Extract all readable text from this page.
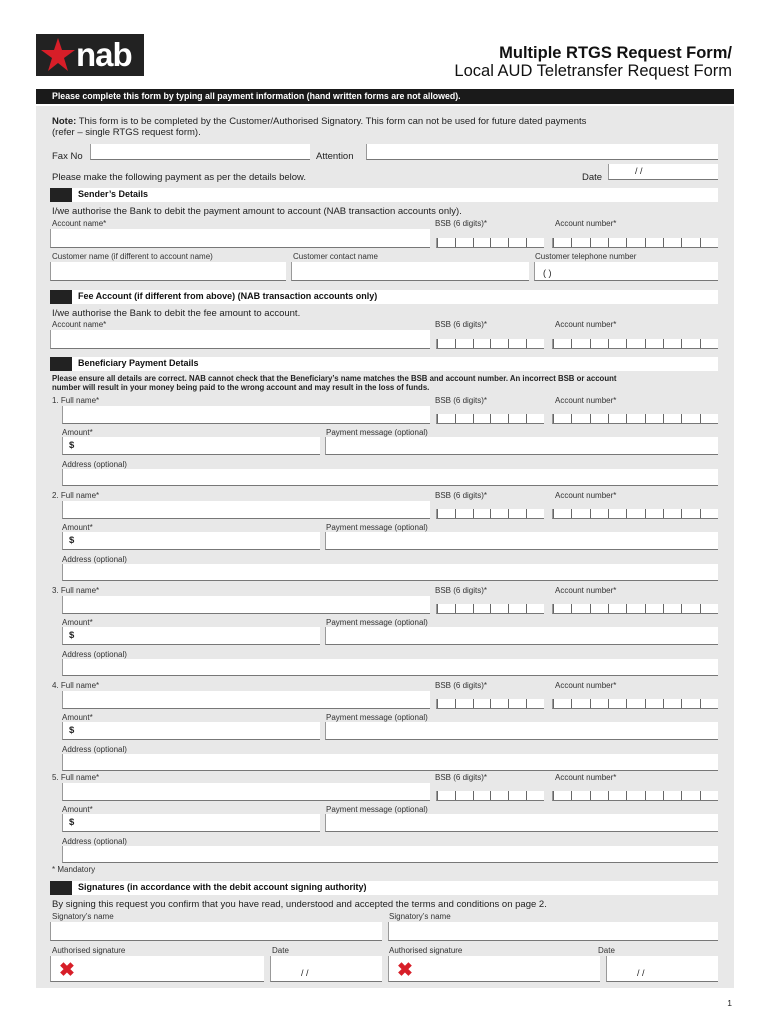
nab	Multiple RTGS Request Form/
Local AUD Teletransfer Request Form
Please complete this form by typing all payment information (hand written forms are not allowed).
Note: This form is to be completed by the Customer/Authorised Signatory. This form can not be used for future dated payments
(refer – single RTGS request form).
Fax No	Attention
Please make the following payment as per the details below.	Date
/ /
Sender’s Details
I/we authorise the Bank to debit the payment amount to account (NAB transaction accounts only).
Account name*	BSB (6 digits)*	Account number*
Customer name (if different to account name)	Customer contact name	Customer telephone number
( )
Fee Account (if different from above) (NAB transaction accounts only)
I/we authorise the Bank to debit the fee amount to account.
Account name*	BSB (6 digits)*	Account number*
Beneficiary Payment Details
Please ensure all details are correct. NAB cannot check that the Beneficiary’s name matches the BSB and account number. An incorrect BSB or account
number will result in your money being paid to the wrong account and may result in the loss of funds.
1. Full name*	BSB (6 digits)*	Account number*
Amount*	Payment message (optional)
$
Address (optional)
2. Full name*	BSB (6 digits)*	Account number*
Amount*	Payment message (optional)
$
Address (optional)
3. Full name*	BSB (6 digits)*	Account number*
Amount*	Payment message (optional)
$
Address (optional)
4. Full name*	BSB (6 digits)*	Account number*
Amount*	Payment message (optional)
$
Address (optional)
5. Full name*	BSB (6 digits)*	Account number*
Amount*	Payment message (optional)
$
Address (optional)
* Mandatory
Signatures (in accordance with the debit account signing authority)
By signing this request you confirm that you have read, understood and accepted the terms and conditions on page 2.
Signatory’s name	Signatory’s name
Authorised signature	Date	Authorised signature	Date
✖	/ /	✖	/ /
1
